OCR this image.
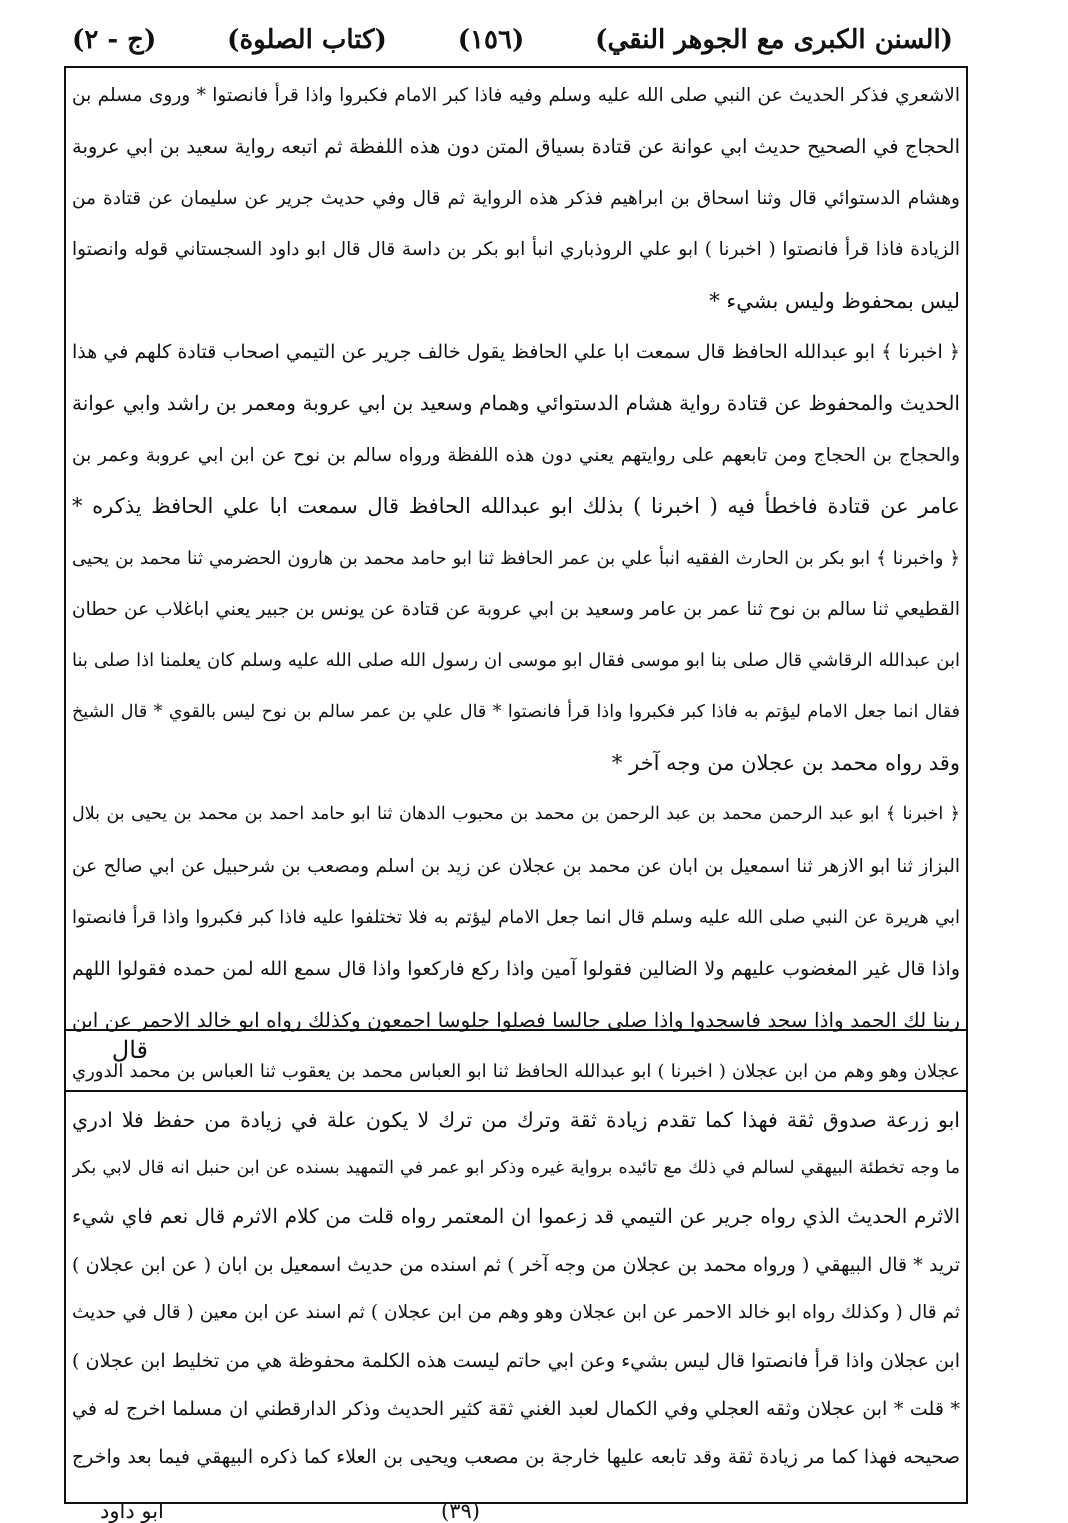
(السنن الكبرى مع الجوهر النقي)
(١٥٦)
(كتاب الصلوة)
(ج - ٢)
الاشعري فذكر الحديث عن النبي صلى الله عليه وسلم وفيه فاذا كبر الامام فكبروا واذا قرأ فانصتوا * وروى مسلم بن
الحجاج في الصحيح حديث ابي عوانة عن قتادة بسياق المتن دون هذه اللفظة ثم اتبعه رواية سعيد بن ابي عروبة
وهشام الدستوائي قال وثنا اسحاق بن ابراهيم فذكر هذه الرواية ثم قال وفي حديث جرير عن سليمان عن قتادة من
الزيادة فاذا قرأ فانصتوا ( اخبرنا ) ابو علي الروذباري انبأ ابو بكر بن داسة قال قال ابو داود السجستاني قوله وانصتوا
ليس بمحفوظ وليس بشيء *
﴿ اخبرنا ﴾ ابو عبدالله الحافظ قال سمعت ابا علي الحافظ يقول خالف جرير عن التيمي اصحاب قتادة كلهم في هذا
الحديث والمحفوظ عن قتادة رواية هشام الدستوائي وهمام وسعيد بن ابي عروبة ومعمر بن راشد وابي عوانة
والحجاج بن الحجاج ومن تابعهم على روايتهم يعني دون هذه اللفظة ورواه سالم بن نوح عن ابن ابي عروبة وعمر بن
عامر عن قتادة فاخطأ فيه ( اخبرنا ) بذلك ابو عبدالله الحافظ قال سمعت ابا علي الحافظ يذكره *
﴿ واخبرنا ﴾ ابو بكر بن الحارث الفقيه انبأ علي بن عمر الحافظ ثنا ابو حامد محمد بن هارون الحضرمي ثنا محمد بن يحيى
القطيعي ثنا سالم بن نوح ثنا عمر بن عامر وسعيد بن ابي عروبة عن قتادة عن يونس بن جبير يعني اباغلاب عن حطان
ابن عبدالله الرقاشي قال صلى بنا ابو موسى فقال ابو موسى ان رسول الله صلى الله عليه وسلم كان يعلمنا اذا صلى بنا
فقال انما جعل الامام ليؤتم به فاذا كبر فكبروا واذا قرأ فانصتوا * قال علي بن عمر سالم بن نوح ليس بالقوي * قال الشيخ
وقد رواه محمد بن عجلان من وجه آخر *
﴿ اخبرنا ﴾ ابو عبد الرحمن محمد بن عبد الرحمن بن محمد بن محبوب الدهان ثنا ابو حامد احمد بن محمد بن يحيى بن بلال
البزاز ثنا ابو الازهر ثنا اسمعيل بن ابان عن محمد بن عجلان عن زيد بن اسلم ومصعب بن شرحبيل عن ابي صالح عن
ابي هريرة عن النبي صلى الله عليه وسلم قال انما جعل الامام ليؤتم به فلا تختلفوا عليه فاذا كبر فكبروا واذا قرأ فانصتوا
واذا قال غير المغضوب عليهم ولا الضالين فقولوا آمين واذا ركع فاركعوا واذا قال سمع الله لمن حمده فقولوا اللهم
ربنا لك الحمد واذا سجد فاسجدوا واذا صلى جالسا فصلوا جلوسا اجمعون وكذلك رواه ابو خالد الاحمر عن ابن
عجلان وهو وهم من ابن عجلان ( اخبرنا ) ابو عبدالله الحافظ ثنا ابو العباس محمد بن يعقوب ثنا العباس بن محمد الدوري
قال
ابو زرعة صدوق ثقة فهذا كما تقدم زيادة ثقة وترك من ترك لا يكون علة في زيادة من حفظ فلا ادري
ما وجه تخطئة البيهقي لسالم في ذلك مع تائيده برواية غيره وذكر ابو عمر في التمهيد بسنده عن ابن حنبل انه قال لابي بكر
الاثرم الحديث الذي رواه جرير عن التيمي قد زعموا ان المعتمر رواه قلت من كلام الاثرم قال نعم فاي شيء
تريد * قال البيهقي ( ورواه محمد بن عجلان من وجه آخر ) ثم اسنده من حديث اسمعيل بن ابان ( عن ابن عجلان )
ثم قال ( وكذلك رواه ابو خالد الاحمر عن ابن عجلان وهو وهم من ابن عجلان ) ثم اسند عن ابن معين ( قال في حديث
ابن عجلان واذا قرأ فانصتوا قال ليس بشيء وعن ابي حاتم ليست هذه الكلمة محفوظة هي من تخليط ابن عجلان )
* قلت * ابن عجلان وثقه العجلي وفي الكمال لعبد الغني ثقة كثير الحديث وذكر الدارقطني ان مسلما اخرج له في
صحيحه فهذا كما مر زيادة ثقة وقد تابعه عليها خارجة بن مصعب ويحيى بن العلاء كما ذكره البيهقي فيما بعد واخرج
(٣٩)
ابو داود
